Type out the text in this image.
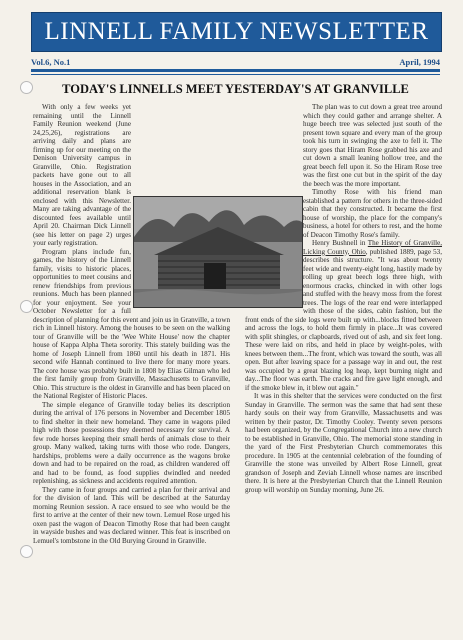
LINNELL FAMILY NEWSLETTER
Vol.6, No.1	April, 1994
TODAY'S LINNELLS MEET YESTERDAY'S AT GRANVILLE

With only a few weeks yet remaining until the Linnell Family Reunion weekend (June 24,25,26), registrations are arriving daily and plans are firming up for our meeting on the Denison University campus in Granville, Ohio. Registration packets have gone out to all houses in the Association, and an additional reservation blank is enclosed with this Newsletter. Many are taking advantage of the discounted fees available until April 20. Chairman Dick Linnell (see his letter on page 2) urges your early registration.

Program plans include fun, games, the history of the Linnell family, visits to historic places, opportunities to meet cousins and renew friendships from previous reunions. Much has been planned for your enjoyment. See your October Newsletter for a full description of planning for this event and join us in Granville, a town rich in Linnell history. Among the houses to be seen on the walking tour of Granville will be the 'Wee White House' now the chapter house of Kappa Alpha Theta sorority. This stately building was the home of Joseph Linnell from 1860 until his death in 1871. His second wife Hannah continued to live there for many more years. The core house was probably built in 1808 by Elias Gilman who led the first family group from Granville, Massachusetts to Granville, Ohio. This structure is the oldest in Granville and has been placed on the National Register of Historic Places.

The simple elegance of Granville today belies its description during the arrival of 176 persons in November and December 1805 to find shelter in their new homeland. They came in wagons piled high with those possessions they deemed necessary for survival. A few rode horses keeping their small herds of animals close to their group. Many walked, taking turns with those who rode. Dangers, hardships, problems were a daily occurrence as the wagons broke down and had to be repaired on the road, as children wandered off and had to be found, as food supplies dwindled and needed replenishing, as sickness and accidents required attention.

They came in four groups and carried a plan for their arrival and for the division of land. This will be described at the Saturday morning Reunion session. A race ensued to see who would be the first to arrive at the center of their new town. Lemuel Rose urged his oxen past the wagon of Deacon Timothy Rose that had been caught in wayside bushes and was declared winner. This feat is inscribed on Lemuel's tombstone in the Old Burying Ground in Granville.

The plan was to cut down a great tree around which they could gather and arrange shelter. A huge beech tree was selected just south of the present town square and every man of the group took his turn in swinging the axe to fell it. The story goes that Hiram Rose grabbed his axe and cut down a small leaning hollow tree, and the great beech fell upon it. So the Hiram Rose tree was the first one cut but in the spirit of the day the beech was the more important.

Timothy Rose with his friend man established a pattern for others in the three-sided cabin that they constructed. It became the first house of worship, the place for the company's business, a hotel for others to rest, and the home of Deacon Timothy Rose's family.

Henry Bushnell in The History of Granville, Licking County, Ohio, published 1889, page 53, describes this structure. "It was about twenty feet wide and twenty-eight long, hastily made by rolling up great beech logs three high, with enormous cracks, chincked in with other logs and stuffed with the heavy moss from the forest trees. The logs of the rear end were interlapped with those of the sides, cabin fashion, but the front ends of the side logs were built up with...blocks fitted between and across the logs, to hold them firmly in place...It was covered with split shingles, or clapboards, rived out of ash, and six feet long. These were laid on ribs, and held in place by weight-poles, with knees between them...The front, which was toward the south, was all open. But after leaving space for a passage way in and out, the rest was occupied by a great blazing log heap, kept burning night and day...The floor was earth. The cracks and fire gave light enough, and if the smoke blew in, it blew out again."

It was in this shelter that the services were conducted on the first Sunday in Granville. The sermon was the same that had sent these hardy souls on their way from Granville, Massachusetts and was written by their pastor, Dr. Timothy Cooley. Twenty seven persons had been organized, by the Congregational Church into a new church to be established in Granville, Ohio. The memorial stone standing in the yard of the First Presbyterian Church commemorates this procedure. In 1905 at the centennial celebration of the founding of Granville the stone was unveiled by Albert Rose Linnell, great grandson of Joseph and Zeviah Linnell whose names are inscribed there. It is here at the Presbyterian Church that the Linnell Reunion group will worship on Sunday morning, June 26.
